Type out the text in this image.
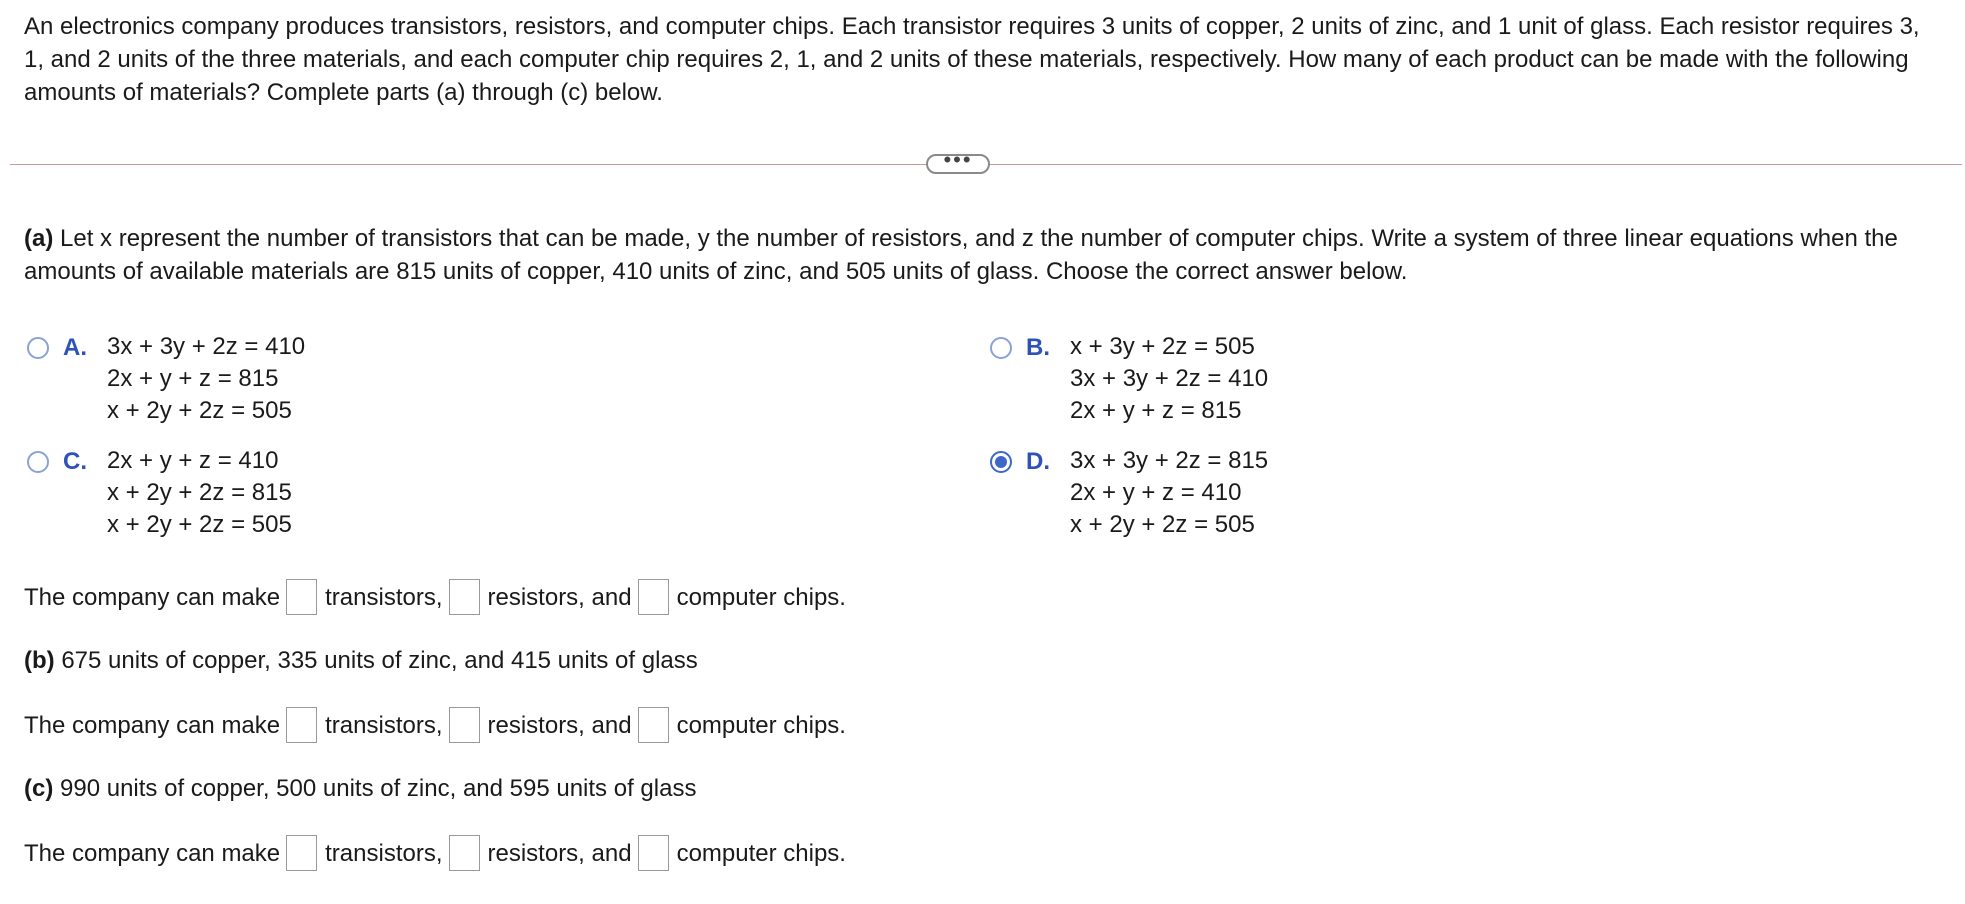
An electronics company produces transistors, resistors, and computer chips. Each transistor requires 3 units of copper, 2 units of zinc, and 1 unit of glass. Each resistor requires 3, 1, and 2 units of the three materials, and each computer chip requires 2, 1, and 2 units of these materials, respectively. How many of each product can be made with the following amounts of materials? Complete parts (a) through (c) below.

•••

(a) Let x represent the number of transistors that can be made, y the number of resistors, and z the number of computer chips. Write a system of three linear equations when the amounts of available materials are 815 units of copper, 410 units of zinc, and 505 units of glass. Choose the correct answer below.

A. 3x + 3y + 2z = 410
2x + y + z = 815
x + 2y + 2z = 505
B. x + 3y + 2z = 505
3x + 3y + 2z = 410
2x + y + z = 815
C. 2x + y + z = 410
x + 2y + 2z = 815
x + 2y + 2z = 505
D. 3x + 3y + 2z = 815
2x + y + z = 410
x + 2y + 2z = 505
The company can make transistors, resistors, and computer chips.
(b) 675 units of copper, 335 units of zinc, and 415 units of glass
The company can make transistors, resistors, and computer chips.
(c) 990 units of copper, 500 units of zinc, and 595 units of glass
The company can make transistors, resistors, and computer chips.
